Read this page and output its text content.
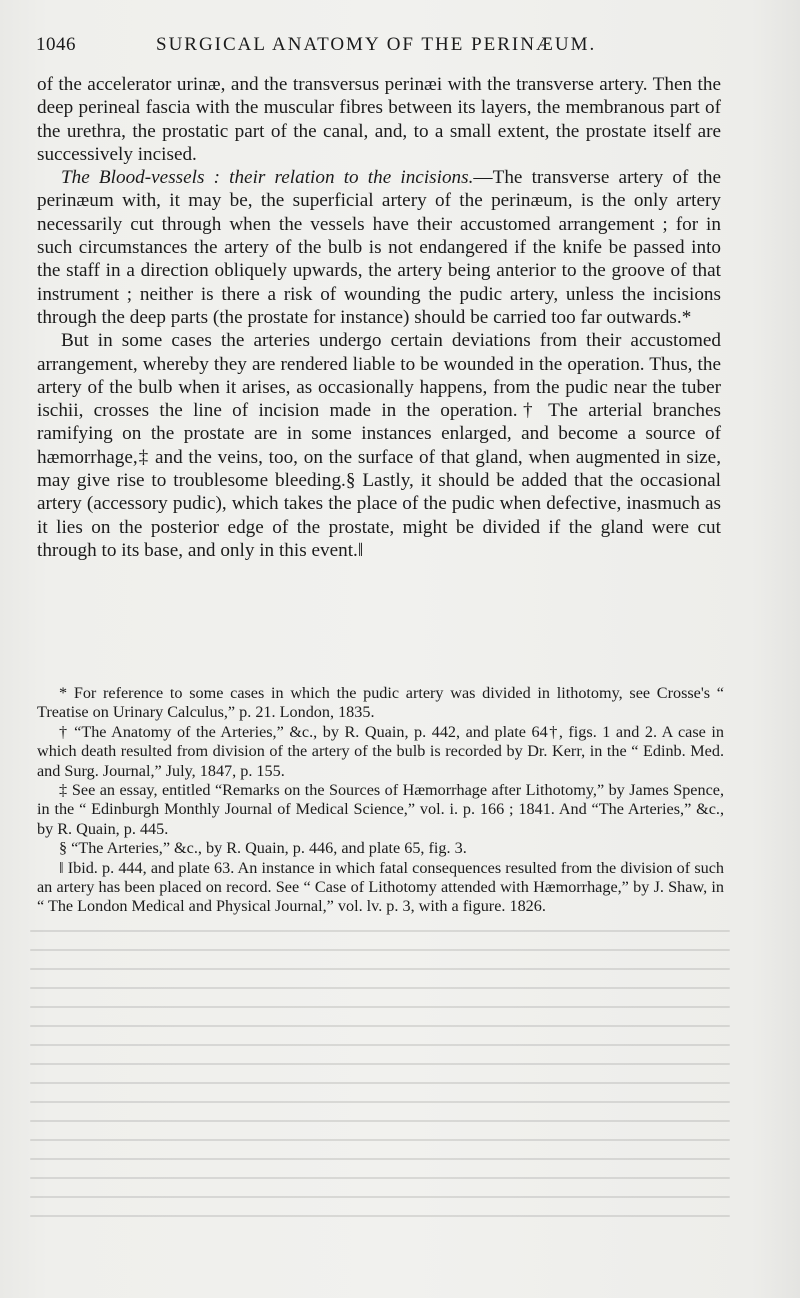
1046	SURGICAL ANATOMY OF THE PERINÆUM.

of the accelerator urinæ, and the transversus perinæi with the transverse artery. Then the deep perineal fascia with the muscular fibres between its layers, the membranous part of the urethra, the prostatic part of the canal, and, to a small extent, the prostate itself are successively incised.

The Blood-vessels : their relation to the incisions.—The transverse artery of the perinæum with, it may be, the superficial artery of the perinæum, is the only artery necessarily cut through when the vessels have their accustomed arrangement ; for in such circumstances the artery of the bulb is not endangered if the knife be passed into the staff in a direction obliquely upwards, the artery being anterior to the groove of that instrument ; neither is there a risk of wounding the pudic artery, unless the incisions through the deep parts (the prostate for instance) should be carried too far outwards.*

But in some cases the arteries undergo certain deviations from their accustomed arrangement, whereby they are rendered liable to be wounded in the operation. Thus, the artery of the bulb when it arises, as occasionally happens, from the pudic near the tuber ischii, crosses the line of incision made in the operation.† The arterial branches ramifying on the prostate are in some instances enlarged, and become a source of hæmorrhage,‡ and the veins, too, on the surface of that gland, when augmented in size, may give rise to troublesome bleeding.§ Lastly, it should be added that the occasional artery (accessory pudic), which takes the place of the pudic when defective, inasmuch as it lies on the posterior edge of the prostate, might be divided if the gland were cut through to its base, and only in this event.‖

* For reference to some cases in which the pudic artery was divided in lithotomy, see Crosse's “ Treatise on Urinary Calculus,” p. 21. London, 1835.

† “The Anatomy of the Arteries,” &c., by R. Quain, p. 442, and plate 64†, figs. 1 and 2. A case in which death resulted from division of the artery of the bulb is recorded by Dr. Kerr, in the “ Edinb. Med. and Surg. Journal,” July, 1847, p. 155.

‡ See an essay, entitled “Remarks on the Sources of Hæmorrhage after Lithotomy,” by James Spence, in the “ Edinburgh Monthly Journal of Medical Science,” vol. i. p. 166 ; 1841. And “The Arteries,” &c., by R. Quain, p. 445.

§ “The Arteries,” &c., by R. Quain, p. 446, and plate 65, fig. 3.

‖ Ibid. p. 444, and plate 63. An instance in which fatal consequences resulted from the division of such an artery has been placed on record. See “ Case of Lithotomy attended with Hæmorrhage,” by J. Shaw, in “ The London Medical and Physical Journal,” vol. lv. p. 3, with a figure. 1826.
